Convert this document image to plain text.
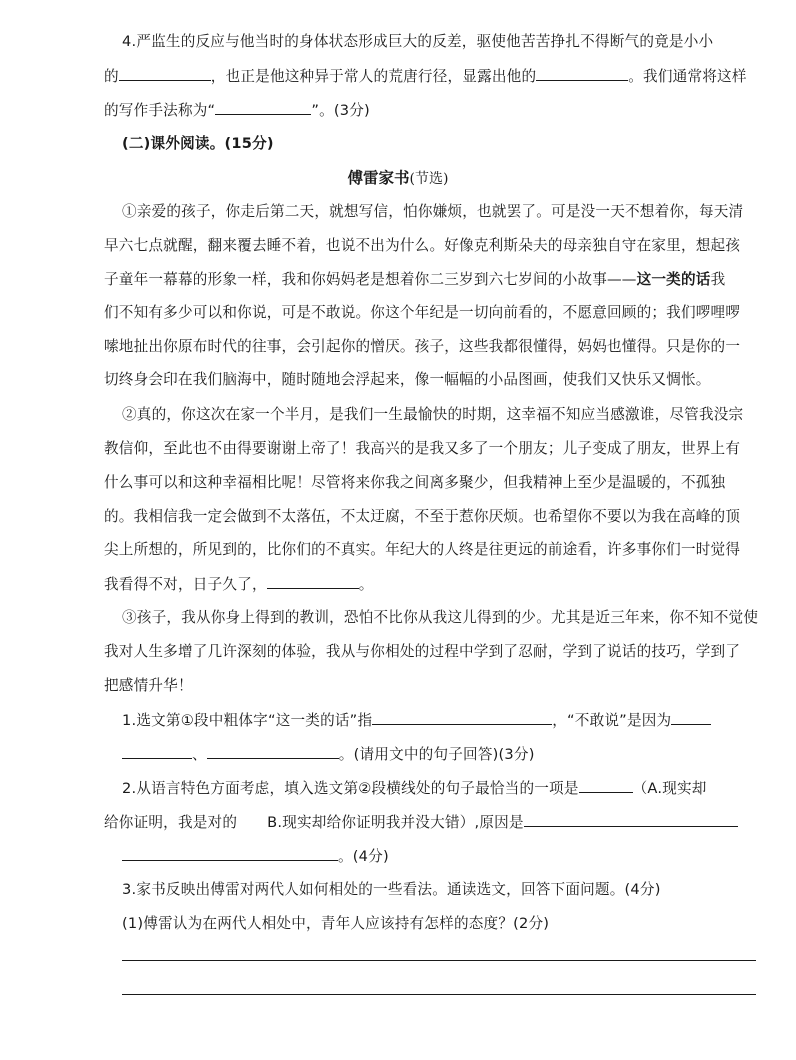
4.严监生的反应与他当时的身体状态形成巨大的反差，驱使他苦苦挣扎不得断气的竟是小小
的	，也正是他这种异于常人的荒唐行径，显露出他的	。我们通常将这样
的写作手法称为“	”。(3分)
(二)课外阅读。(15分)
傅雷家书(节选)
①亲爱的孩子，你走后第二天，就想写信，怕你嫌烦，也就罢了。可是没一天不想着你，每天清
早六七点就醒，翻来覆去睡不着，也说不出为什么。好像克利斯朵夫的母亲独自守在家里，想起孩
子童年一幕幕的形象一样，我和你妈妈老是想着你二三岁到六七岁间的小故事——这一类的话我
们不知有多少可以和你说，可是不敢说。你这个年纪是一切向前看的，不愿意回顾的；我们啰哩啰
嗦地扯出你原布时代的往事，会引起你的憎厌。孩子，这些我都很懂得，妈妈也懂得。只是你的一
切终身会印在我们脑海中，随时随地会浮起来，像一幅幅的小品图画，使我们又快乐又惆怅。
②真的，你这次在家一个半月，是我们一生最愉快的时期，这幸福不知应当感激谁，尽管我没宗
教信仰，至此也不由得要谢谢上帝了！我高兴的是我又多了一个朋友；儿子变成了朋友，世界上有
什么事可以和这种幸福相比呢！尽管将来你我之间离多聚少，但我精神上至少是温暖的，不孤独
的。我相信我一定会做到不太落伍，不太迂腐，不至于惹你厌烦。也希望你不要以为我在高峰的顶
尖上所想的，所见到的，比你们的不真实。年纪大的人终是往更远的前途看，许多事你们一时觉得
我看得不对，日子久了，	。
③孩子，我从你身上得到的教训，恐怕不比你从我这儿得到的少。尤其是近三年来，你不知不觉使
我对人生多增了几许深刻的体验，我从与你相处的过程中学到了忍耐，学到了说话的技巧，学到了
把感情升华！
1.选文第①段中粗体字“这一类的话”指	，“不敢说”是因为
、	。(请用文中的句子回答)(3分)
2.从语言特色方面考虑，填入选文第②段横线处的句子最恰当的一项是	（A.现实却
给你证明，我是对的 B.现实却给你证明我并没大错）,原因是
。(4分)
3.家书反映出傅雷对两代人如何相处的一些看法。通读选文，回答下面问题。(4分)
(1)傅雷认为在两代人相处中，青年人应该持有怎样的态度？(2分)
